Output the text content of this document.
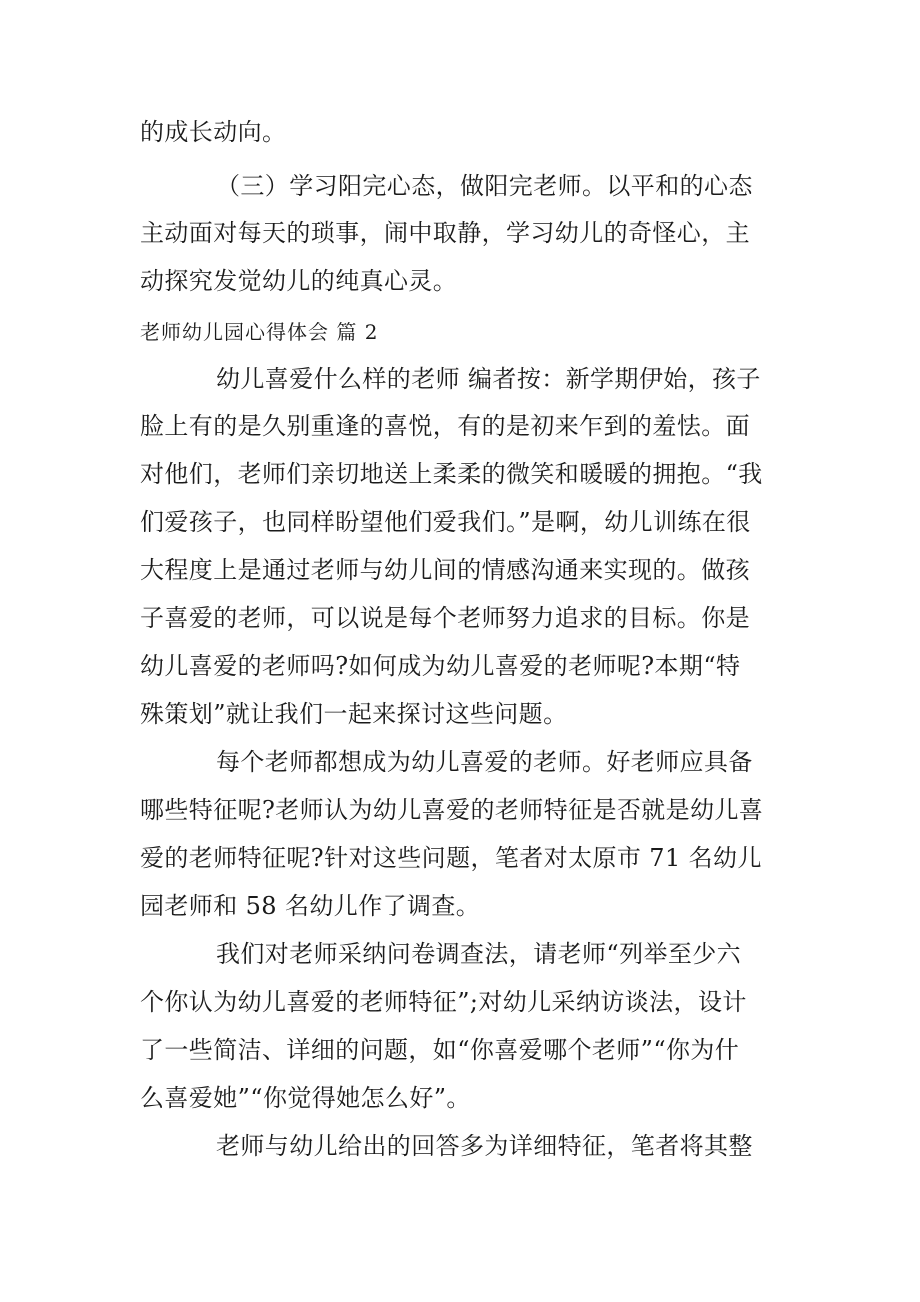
的成长动向。
（三）学习阳完心态，做阳完老师。以平和的心态
主动面对每天的琐事，闹中取静，学习幼儿的奇怪心，主
动探究发觉幼儿的纯真心灵。
老师幼儿园心得体会 篇 2
幼儿喜爱什么样的老师 编者按：新学期伊始，孩子
脸上有的是久别重逢的喜悦，有的是初来乍到的羞怯。面
对他们，老师们亲切地送上柔柔的微笑和暖暖的拥抱。“我
们爱孩子，也同样盼望他们爱我们。”是啊，幼儿训练在很
大程度上是通过老师与幼儿间的情感沟通来实现的。做孩
子喜爱的老师，可以说是每个老师努力追求的目标。你是
幼儿喜爱的老师吗?如何成为幼儿喜爱的老师呢?本期“特
殊策划”就让我们一起来探讨这些问题。
每个老师都想成为幼儿喜爱的老师。好老师应具备
哪些特征呢?老师认为幼儿喜爱的老师特征是否就是幼儿喜
爱的老师特征呢?针对这些问题，笔者对太原市 71 名幼儿
园老师和 58 名幼儿作了调查。
我们对老师采纳问卷调查法，请老师“列举至少六
个你认为幼儿喜爱的老师特征”;对幼儿采纳访谈法，设计
了一些简洁、详细的问题，如“你喜爱哪个老师”“你为什
么喜爱她”“你觉得她怎么好”。
老师与幼儿给出的回答多为详细特征，笔者将其整
